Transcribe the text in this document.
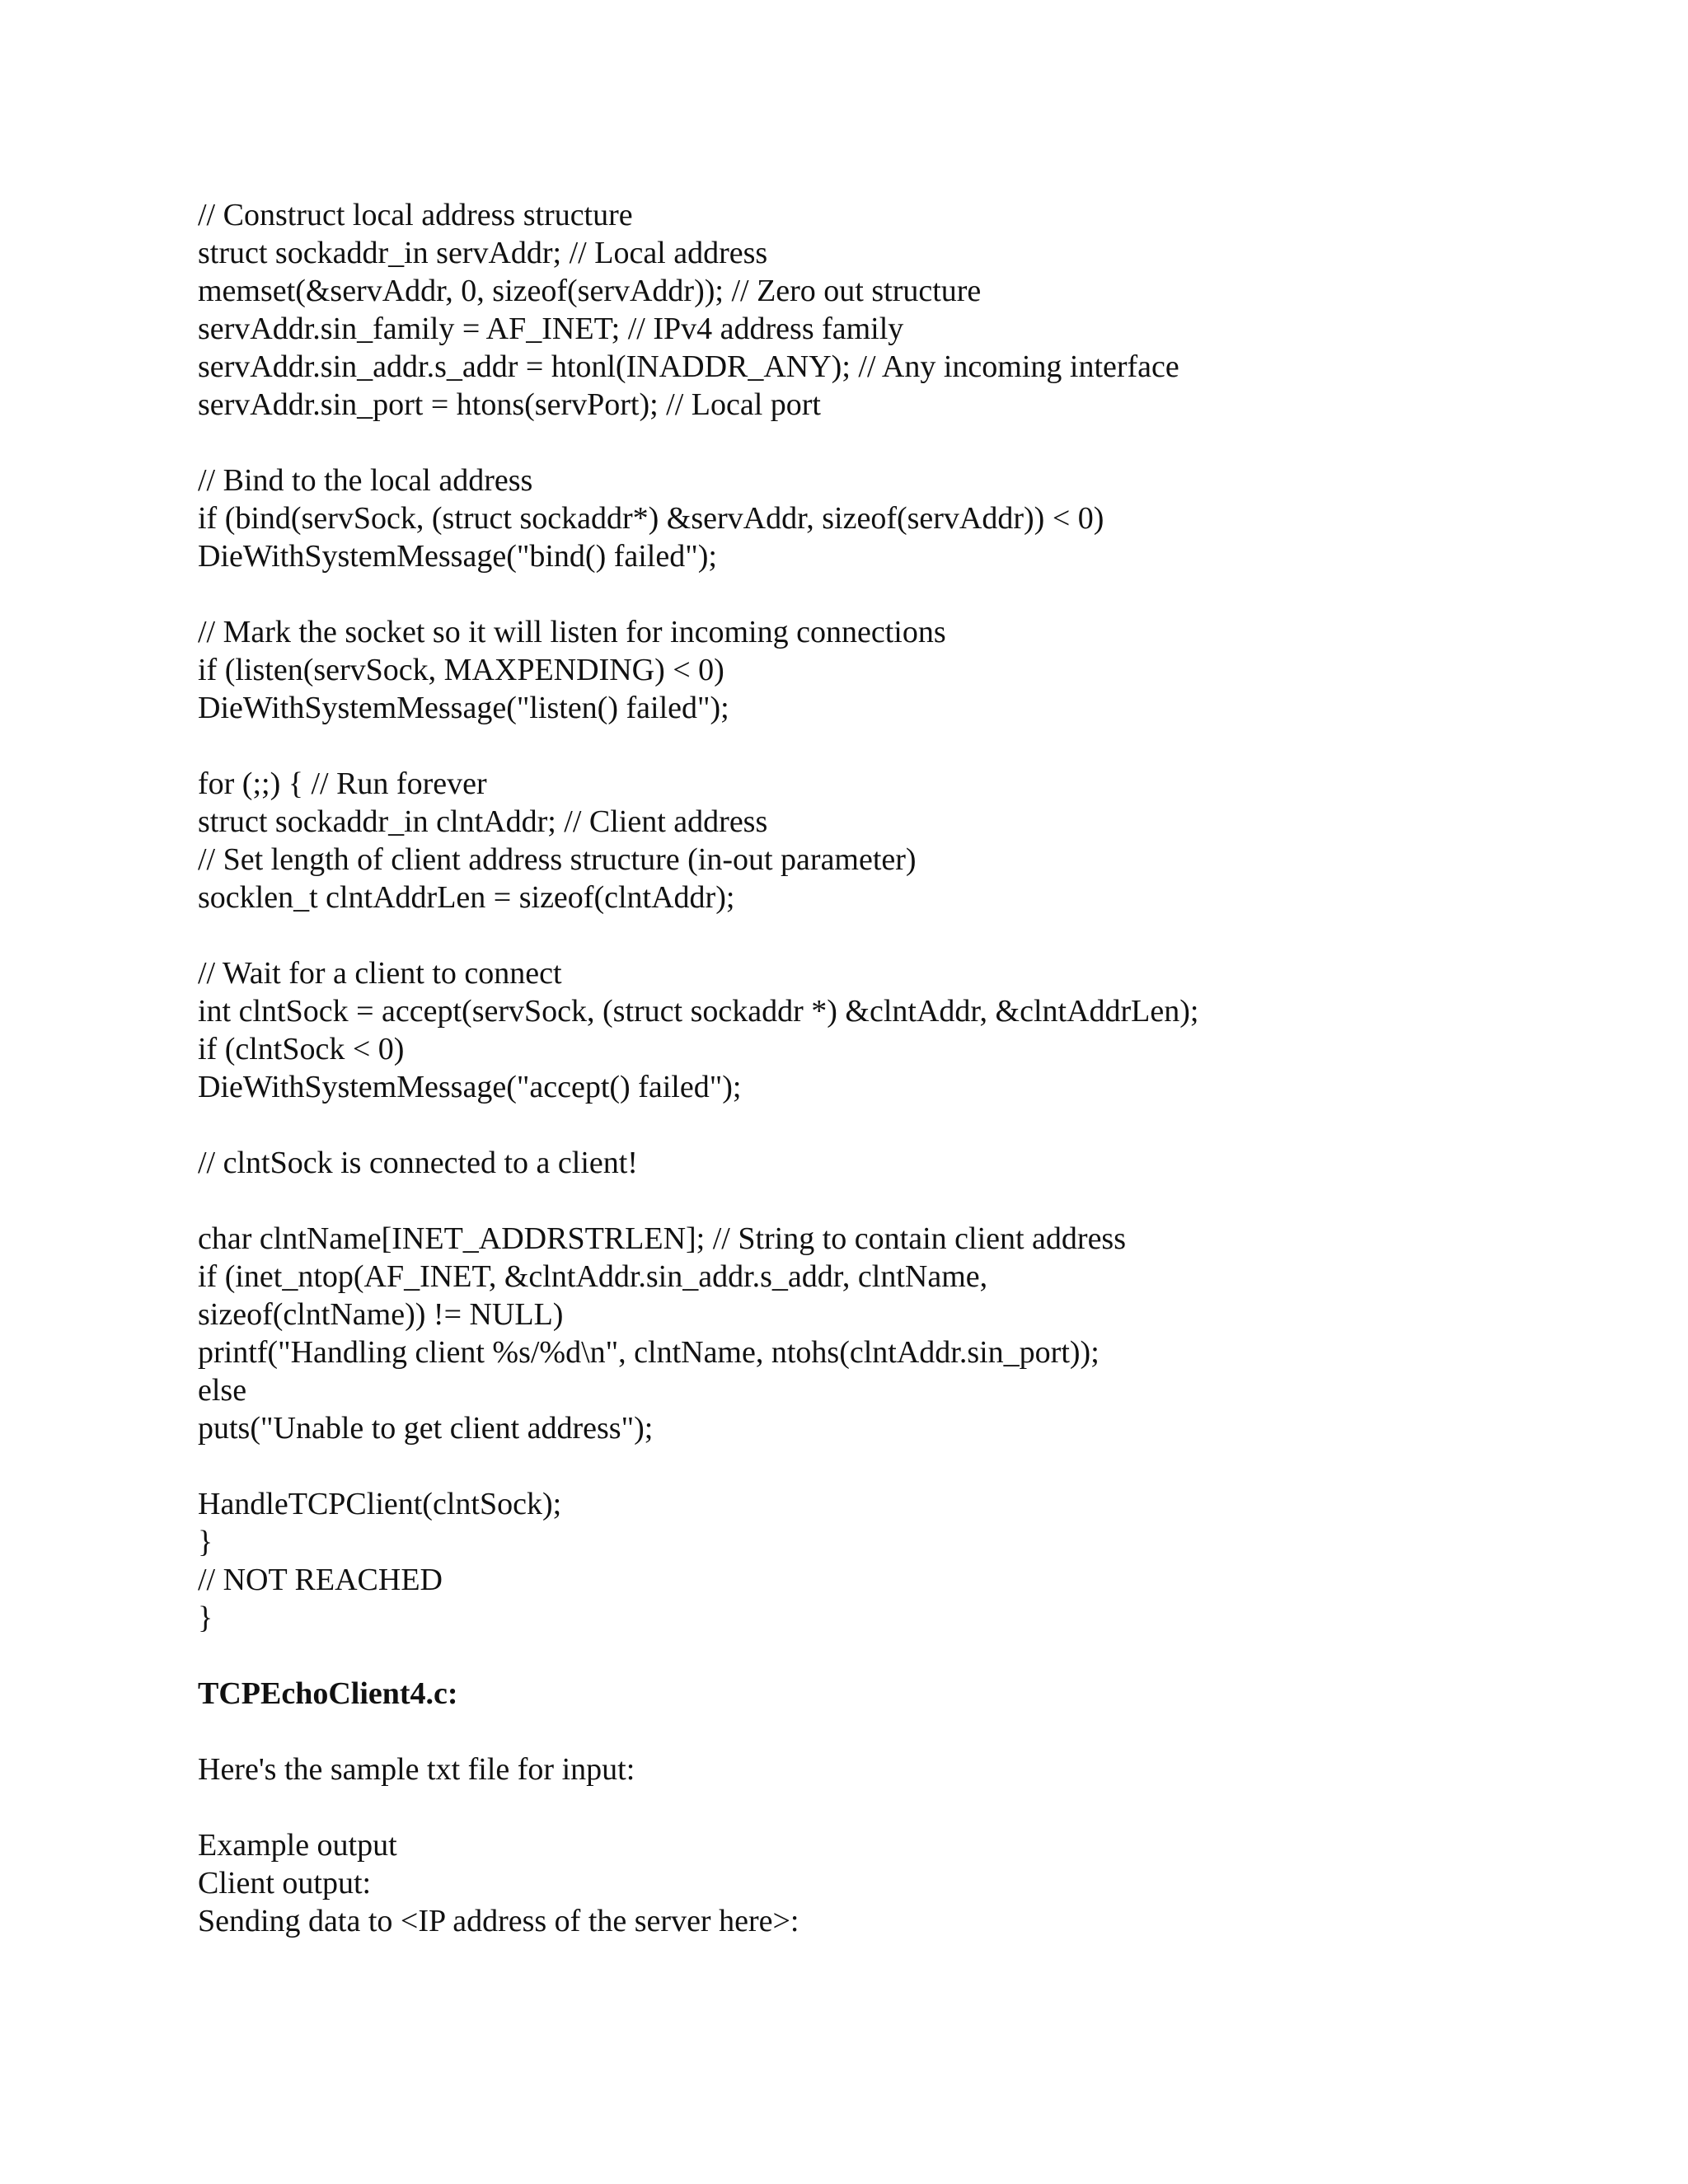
// Construct local address structure
struct sockaddr_in servAddr; // Local address
memset(&servAddr, 0, sizeof(servAddr)); // Zero out structure
servAddr.sin_family = AF_INET; // IPv4 address family
servAddr.sin_addr.s_addr = htonl(INADDR_ANY); // Any incoming interface
servAddr.sin_port = htons(servPort); // Local port
// Bind to the local address
if (bind(servSock, (struct sockaddr*) &servAddr, sizeof(servAddr)) < 0)
DieWithSystemMessage("bind() failed");
// Mark the socket so it will listen for incoming connections
if (listen(servSock, MAXPENDING) < 0)
DieWithSystemMessage("listen() failed");
for (;;) { // Run forever
struct sockaddr_in clntAddr; // Client address
// Set length of client address structure (in-out parameter)
socklen_t clntAddrLen = sizeof(clntAddr);
// Wait for a client to connect
int clntSock = accept(servSock, (struct sockaddr *) &clntAddr, &clntAddrLen);
if (clntSock < 0)
DieWithSystemMessage("accept() failed");
// clntSock is connected to a client!
char clntName[INET_ADDRSTRLEN]; // String to contain client address
if (inet_ntop(AF_INET, &clntAddr.sin_addr.s_addr, clntName,
sizeof(clntName)) != NULL)
printf("Handling client %s/%d\n", clntName, ntohs(clntAddr.sin_port));
else
puts("Unable to get client address");
HandleTCPClient(clntSock);
}
// NOT REACHED
}
TCPEchoClient4.c:
Here's the sample txt file for input:
Example output
Client output:
Sending data to <IP address of the server here>:
